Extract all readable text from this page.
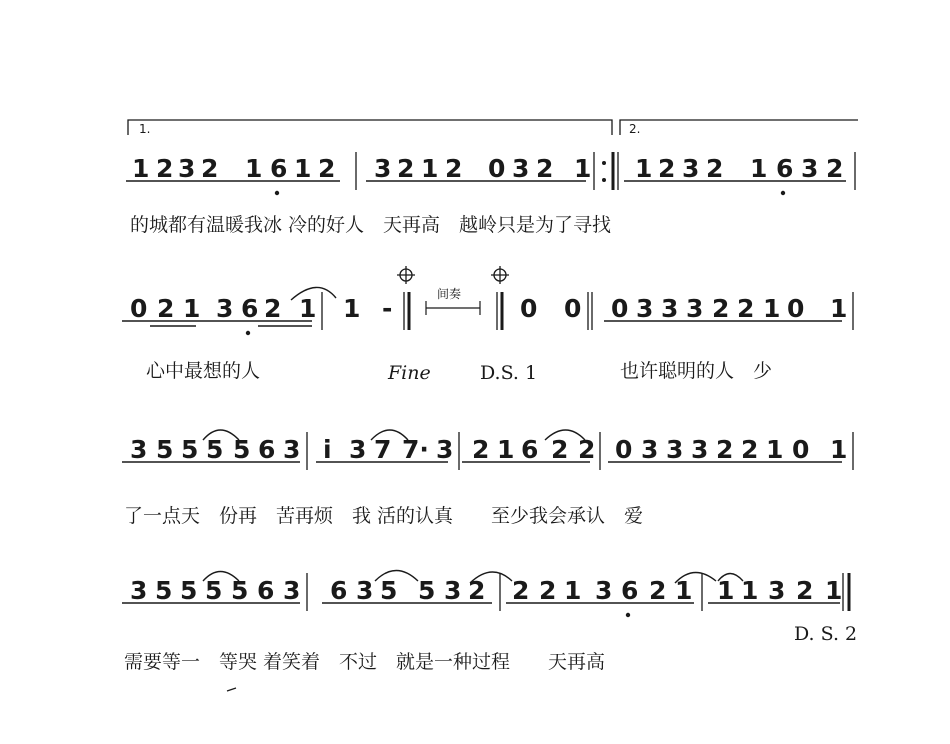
1.	2.
1 2 3 2 1 6 1 2 3 2 1 2 0 3 2 1 1 2 3 2 1 6 3 2
的城都有温暖我冰 冷的好人　天再高　越岭只是为了寻找
0 2 1 3 6 2 1 1 -	0 0 0 3 3 3 2 2 1 0 1
间奏
心中最想的人	Fine	D.S. 1	也许聪明的人　少
3 5 5 5 5 6 3 i 3 7 7· 3 2 1 6 2 2 0 3 3 3 2 2 1 0 1
了一点天　份再　苦再烦　我 活的认真　　至少我会承认　爱
3 5 5 5 5 6 3 6 3 5 5 3 2 2 2 1 3 6 2 1 1 1 3 2 1
D. S. 2
需要等一　等哭 着笑着　不过　就是一种过程　　天再高
